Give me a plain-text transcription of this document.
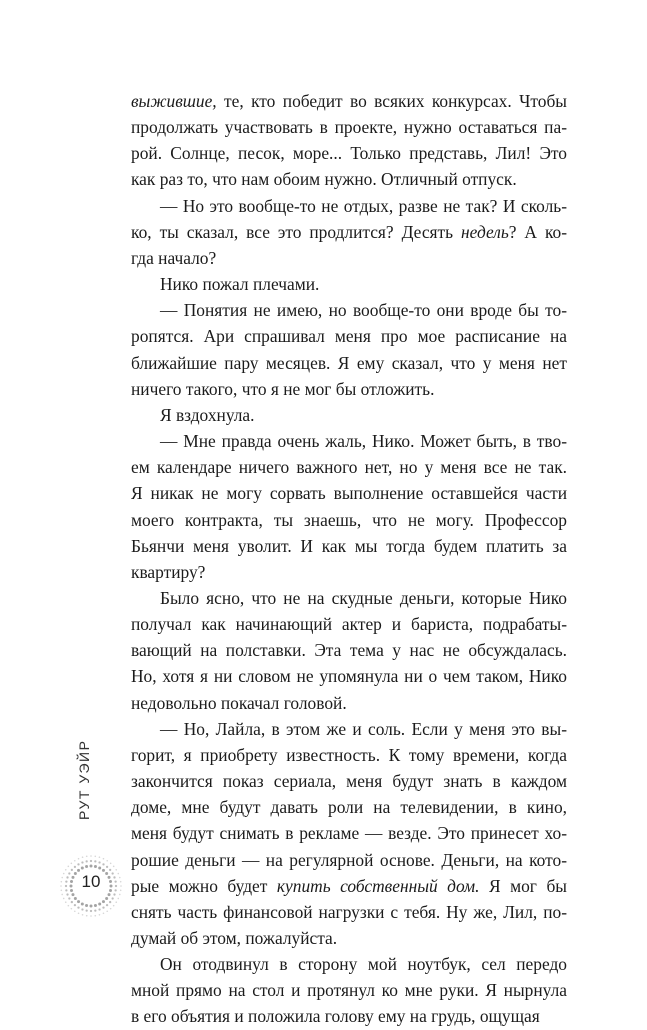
выжившие, те, кто победит во всяких конкурсах. Чтобы
продолжать участвовать в проекте, нужно оставаться па-
рой. Солнце, песок, море... Только представь, Лил! Это
как раз то, что нам обоим нужно. Отличный отпуск.
— Но это вообще-то не отдых, разве не так? И сколь-
ко, ты сказал, все это продлится? Десять недель? А ко-
гда начало?
Нико пожал плечами.
— Понятия не имею, но вообще-то они вроде бы то-
ропятся. Ари спрашивал меня про мое расписание на
ближайшие пару месяцев. Я ему сказал, что у меня нет
ничего такого, что я не мог бы отложить.
Я вздохнула.
— Мне правда очень жаль, Нико. Может быть, в тво-
ем календаре ничего важного нет, но у меня все не так.
Я никак не могу сорвать выполнение оставшейся части
моего контракта, ты знаешь, что не могу. Профессор
Бьянчи меня уволит. И как мы тогда будем платить за
квартиру?
Было ясно, что не на скудные деньги, которые Нико
получал как начинающий актер и бариста, подрабаты-
вающий на полставки. Эта тема у нас не обсуждалась.
Но, хотя я ни словом не упомянула ни о чем таком, Нико
недовольно покачал головой.
— Но, Лайла, в этом же и соль. Если у меня это вы-
горит, я приобрету известность. К тому времени, когда
закончится показ сериала, меня будут знать в каждом
доме, мне будут давать роли на телевидении, в кино,
меня будут снимать в рекламе — везде. Это принесет хо-
рошие деньги — на регулярной основе. Деньги, на кото-
рые можно будет купить собственный дом. Я мог бы
снять часть финансовой нагрузки с тебя. Ну же, Лил, по-
думай об этом, пожалуйста.
Он отодвинул в сторону мой ноутбук, сел передо
мной прямо на стол и протянул ко мне руки. Я нырнула
в его объятия и положила голову ему на грудь, ощущая
РУТ УЭЙР
10
